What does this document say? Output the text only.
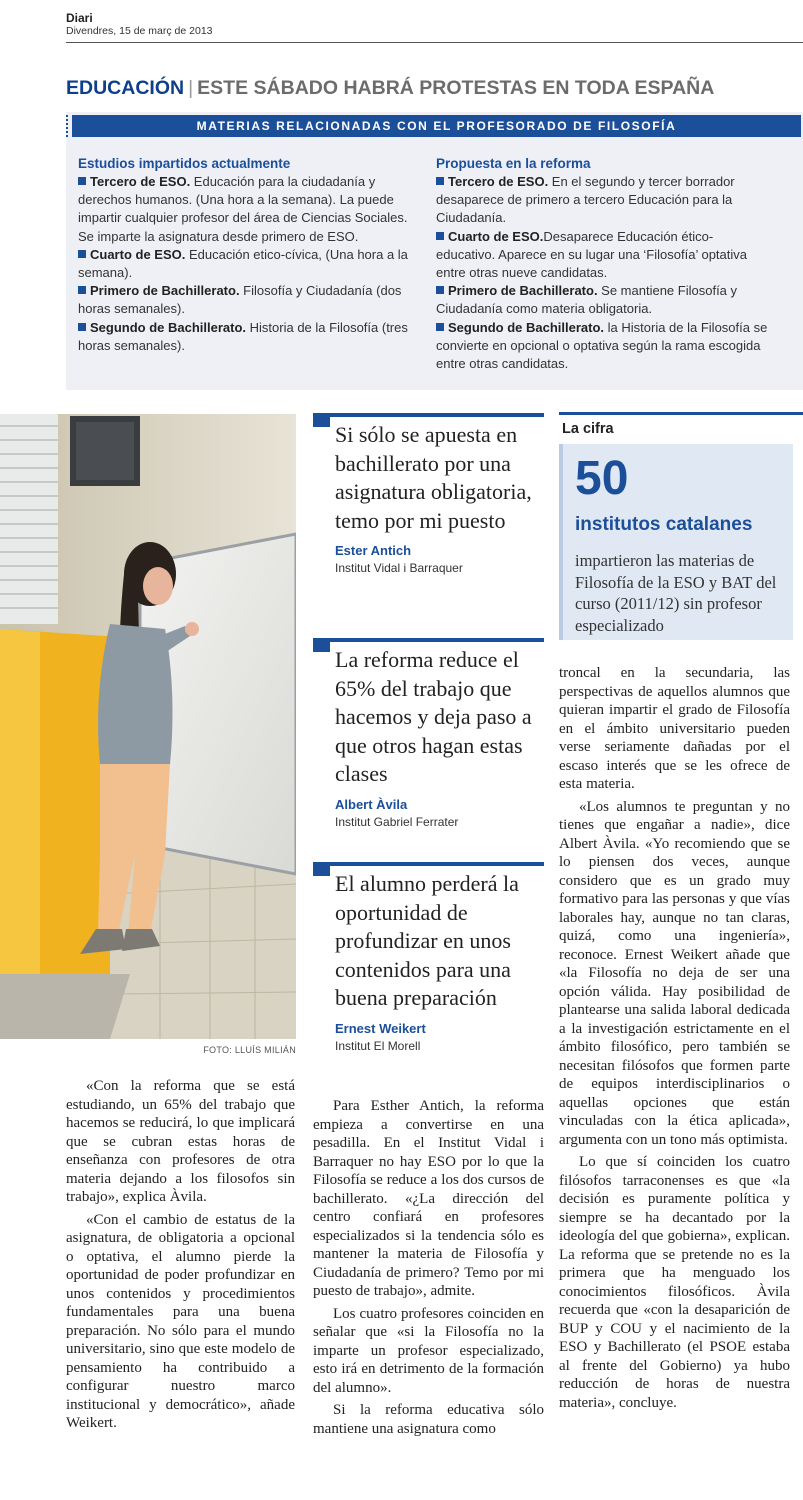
Diari
Divendres, 15 de març de 2013
EDUCACIÓN | ESTE SÁBADO HABRÁ PROTESTAS EN TODA ESPAÑA
MATERIAS RELACIONADAS CON EL PROFESORADO DE FILOSOFÍA
Estudios impartidos actualmente

Tercero de ESO. Educación para la ciudadanía y derechos humanos. (Una hora a la semana). La puede impartir cualquier profesor del área de Ciencias Sociales. Se imparte la asignatura desde primero de ESO.

Cuarto de ESO. Educación etico-cívica, (Una hora a la semana).

Primero de Bachillerato. Filosofía y Ciudadanía (dos horas semanales).

Segundo de Bachillerato. Historia de la Filosofía (tres horas semanales).

Propuesta en la reforma

Tercero de ESO. En el segundo y tercer borrador desaparece de primero a tercero Educación para la Ciudadanía.

Cuarto de ESO.Desaparece Educación ético-educativo. Aparece en su lugar una ‘Filosofía’ optativa entre otras nueve candidatas.

Primero de Bachillerato. Se mantiene Filosofía y Ciudadanía como materia obligatoria.

Segundo de Bachillerato. la Historia de la Filosofía se convierte en opcional o optativa según la rama escogida entre otras candidatas.

FOTO: LLUÍS MILIÁN
Si sólo se apuesta en bachillerato por una asignatura obligatoria, temo por mi puesto
Ester Antich
Institut Vidal i Barraquer
La reforma reduce el 65% del trabajo que hacemos y deja paso a que otros hagan estas clases
Albert Àvila
Institut Gabriel Ferrater
El alumno perderá la oportunidad de profundizar en unos contenidos para una buena preparación
Ernest Weikert
Institut El Morell
La cifra
50
institutos catalanes
impartieron las materias de Filosofía de la ESO y BAT del curso (2011/12) sin profesor especializado

«Con la reforma que se está estudiando, un 65% del trabajo que hacemos se reducirá, lo que implicará que se cubran estas horas de enseñanza con profesores de otra materia dejando a los filosofos sin trabajo», explica Àvila.

«Con el cambio de estatus de la asignatura, de obligatoria a opcional o optativa, el alumno pierde la oportunidad de poder profundizar en unos contenidos y procedimientos fundamentales para una buena preparación. No sólo para el mundo universitario, sino que este modelo de pensamiento ha contribuido a configurar nuestro marco institucional y democrático», añade Weikert.

Para Esther Antich, la reforma empieza a convertirse en una pesadilla. En el Institut Vidal i Barraquer no hay ESO por lo que la Filosofía se reduce a los dos cursos de bachillerato. «¿La dirección del centro confiará en profesores especializados si la tendencia sólo es mantener la materia de Filosofía y Ciudadanía de primero? Temo por mi puesto de trabajo», admite.

Los cuatro profesores coinciden en señalar que «si la Filosofía no la imparte un profesor especializado, esto irá en detrimento de la formación del alumno».

Si la reforma educativa sólo mantiene una asignatura como

troncal en la secundaria, las perspectivas de aquellos alumnos que quieran impartir el grado de Filosofía en el ámbito universitario pueden verse seriamente dañadas por el escaso interés que se les ofrece de esta materia.

«Los alumnos te preguntan y no tienes que engañar a nadie», dice Albert Àvila. «Yo recomiendo que se lo piensen dos veces, aunque considero que es un grado muy formativo para las personas y que vías laborales hay, aunque no tan claras, quizá, como una ingeniería», reconoce. Ernest Weikert añade que «la Filosofía no deja de ser una opción válida. Hay posibilidad de plantearse una salida laboral dedicada a la investigación estrictamente en el ámbito filosófico, pero también se necesitan filósofos que formen parte de equipos interdisciplinarios o aquellas opciones que están vinculadas con la ética aplicada», argumenta con un tono más optimista.

Lo que sí coinciden los cuatro filósofos tarraconenses es que «la decisión es puramente política y siempre se ha decantado por la ideología del que gobierna», explican. La reforma que se pretende no es la primera que ha menguado los conocimientos filosóficos. Àvila recuerda que «con la desaparición de BUP y COU y el nacimiento de la ESO y Bachillerato (el PSOE estaba al frente del Gobierno) ya hubo reducción de horas de nuestra materia», concluye.
